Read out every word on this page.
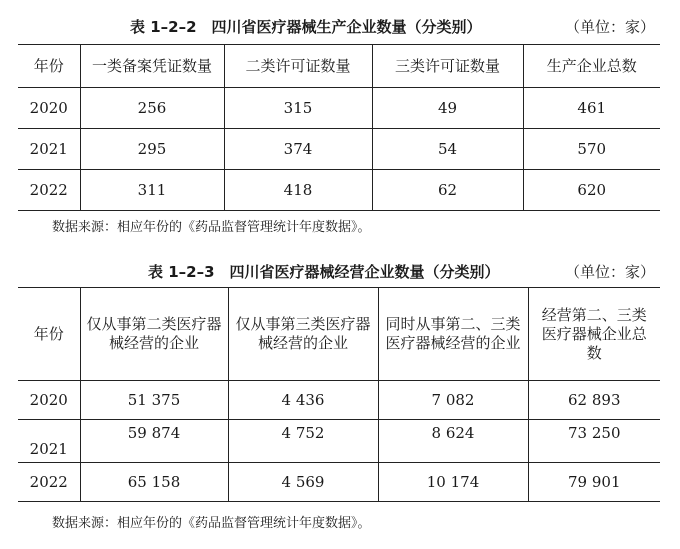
表 1–2–2　四川省医疗器械生产企业数量（分类别）	（单位：家）
年份	一类备案凭证数量	二类许可证数量	三类许可证数量	生产企业总数
2020	256	315	49	461
2021	295	374	54	570
2022	311	418	62	620
数据来源：相应年份的《药品监督管理统计年度数据》。
表 1–2–3　四川省医疗器械经营企业数量（分类别）	（单位：家）
年份	仅从事第二类医疗器械经营的企业	仅从事第三类医疗器械经营的企业	同时从事第二、三类医疗器械经营的企业	经营第二、三类医疗器械企业总数
2020	51 375	4 436	7 082	62 893
2021	59 874	4 752	8 624	73 250
2022	65 158	4 569	10 174	79 901
数据来源：相应年份的《药品监督管理统计年度数据》。
